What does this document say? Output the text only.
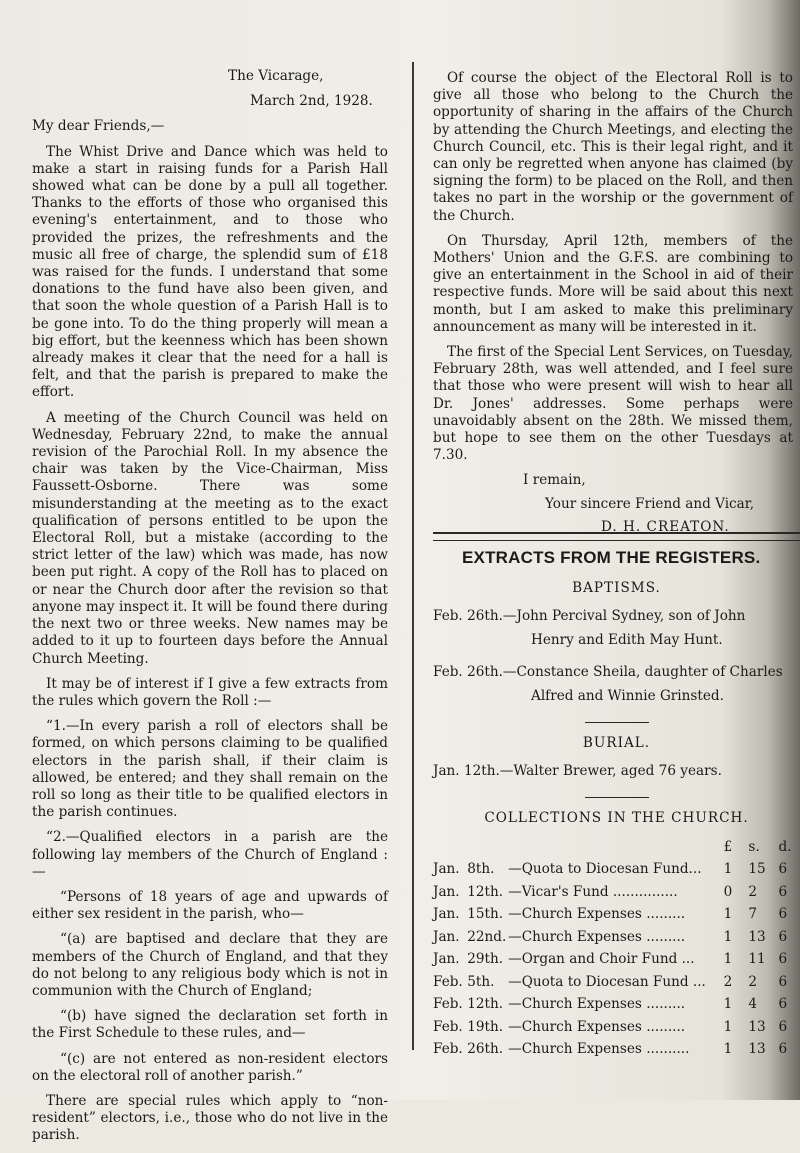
The Vicarage,

March 2nd, 1928.

My dear Friends,—

The Whist Drive and Dance which was held to make a start in raising funds for a Parish Hall showed what can be done by a pull all together. Thanks to the efforts of those who organised this evening's entertainment, and to those who provided the prizes, the refreshments and the music all free of charge, the splendid sum of £18 was raised for the funds. I understand that some donations to the fund have also been given, and that soon the whole question of a Parish Hall is to be gone into. To do the thing properly will mean a big effort, but the keenness which has been shown already makes it clear that the need for a hall is felt, and that the parish is prepared to make the effort.

A meeting of the Church Council was held on Wednesday, February 22nd, to make the annual revision of the Parochial Roll. In my absence the chair was taken by the Vice-Chairman, Miss Faussett-Osborne. There was some misunderstanding at the meeting as to the exact qualification of persons entitled to be upon the Electoral Roll, but a mistake (according to the strict letter of the law) which was made, has now been put right. A copy of the Roll has to placed on or near the Church door after the revision so that anyone may inspect it. It will be found there during the next two or three weeks. New names may be added to it up to fourteen days before the Annual Church Meeting.

It may be of interest if I give a few extracts from the rules which govern the Roll :—

“1.—In every parish a roll of electors shall be formed, on which persons claiming to be qualified electors in the parish shall, if their claim is allowed, be entered; and they shall remain on the roll so long as their title to be qualified electors in the parish continues.

“2.—Qualified electors in a parish are the following lay members of the Church of England :—

“Persons of 18 years of age and upwards of either sex resident in the parish, who—

“(a) are baptised and declare that they are members of the Church of England, and that they do not belong to any religious body which is not in communion with the Church of England;

“(b) have signed the declaration set forth in the First Schedule to these rules, and—

“(c) are not entered as non-resident electors on the electoral roll of another parish.”

There are special rules which apply to “non-resident” electors, i.e., those who do not live in the parish.

Of course the object of the Electoral Roll is to give all those who belong to the Church the opportunity of sharing in the affairs of the Church by attending the Church Meetings, and electing the Church Council, etc. This is their legal right, and it can only be regretted when anyone has claimed (by signing the form) to be placed on the Roll, and then takes no part in the worship or the government of the Church.

On Thursday, April 12th, members of the Mothers' Union and the G.F.S. are combining to give an entertainment in the School in aid of their respective funds. More will be said about this next month, but I am asked to make this preliminary announcement as many will be interested in it.

The first of the Special Lent Services, on Tuesday, February 28th, was well attended, and I feel sure that those who were present will wish to hear all Dr. Jones' addresses. Some perhaps were unavoidably absent on the 28th. We missed them, but hope to see them on the other Tuesdays at 7.30.

I remain,

Your sincere Friend and Vicar,

D. H. CREATON.

EXTRACTS FROM THE REGISTERS.
BAPTISMS.
Feb. 26th.—John Percival Sydney, son of John
Henry and Edith May Hunt.
Feb. 26th.—Constance Sheila, daughter of Charles
Alfred and Winnie Grinsted.
BURIAL.
Jan. 12th.—Walter Brewer, aged 76 years.
COLLECTIONS IN THE CHURCH.
			£	s.	d.
Jan.	8th.	—Quota to Diocesan Fund...	1	15	6
Jan.	12th.	—Vicar's Fund ...............	0	2	6
Jan.	15th.	—Church Expenses .........	1	7	6
Jan.	22nd.	—Church Expenses .........	1	13	6
Jan.	29th.	—Organ and Choir Fund ...	1	11	6
Feb.	5th.	—Quota to Diocesan Fund ...	2	2	6
Feb.	12th.	—Church Expenses .........	1	4	6
Feb.	19th.	—Church Expenses .........	1	13	6
Feb.	26th.	—Church Expenses ..........	1	13	6
